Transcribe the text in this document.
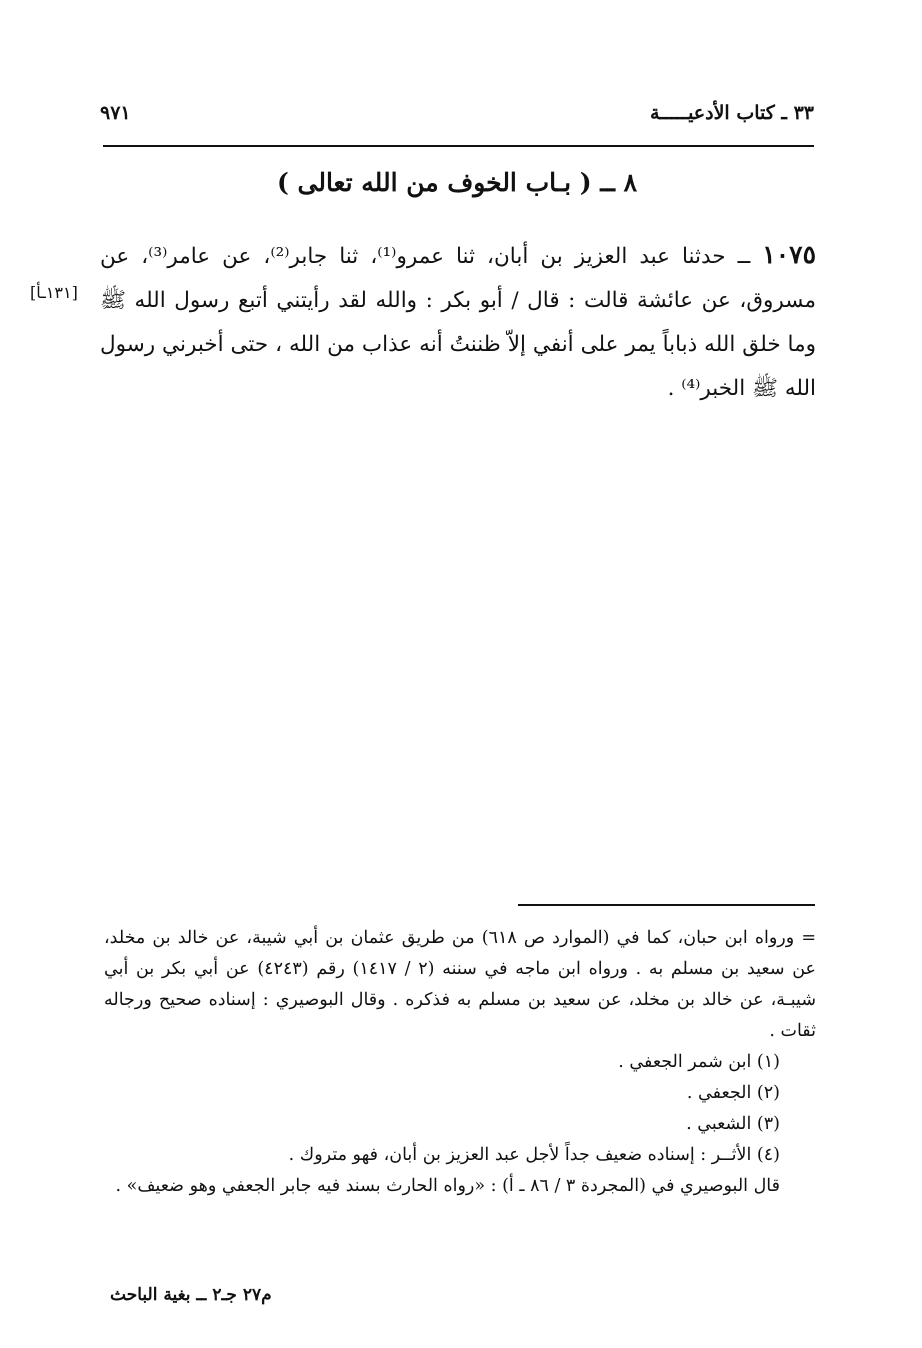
٣٣ ـ كتاب الأدعيـــــة
٩٧١
٨ ــ ( بـاب الخوف من الله تعالى )
[١٣١ـأ]
١٠٧٥ ــ حدثنا عبد العزيز بن أبان، ثنا عمرو⁽¹⁾، ثنا جابر⁽²⁾، عن عامر⁽³⁾، عن مسروق، عن عائشة قالت : قال / أبو بكر : والله لقد رأيتني أتبع رسول الله ﷺ وما خلق الله ذباباً يمر على أنفي إلاّ ظننتُ أنه عذاب من الله ، حتى أخبرني رسول الله ﷺ الخبر⁽⁴⁾ .
= ورواه ابن حبان، كما في (الموارد ص ٦١٨) من طريق عثمان بن أبي شيبة، عن خالد بن مخلد، عن سعيد بن مسلم به . ورواه ابن ماجه في سننه (٢ / ١٤١٧) رقم (٤٢٤٣) عن أبي بكر بن أبي شيبـة، عن خالد بن مخلد، عن سعيد بن مسلم به فذكره . وقال البوصيري : إسناده صحيح ورجاله ثقات .
(١) ابن شمر الجعفي .
(٢) الجعفي .
(٣) الشعبي .
(٤) الأثــر : إسناده ضعيف جداً لأجل عبد العزيز بن أبان، فهو متروك .
قال البوصيري في (المجردة ٣ / ٨٦ ـ أ) : «رواه الحارث بسند فيه جابر الجعفي وهو ضعيف» .
م٢٧ جـ٢ ــ بغية الباحث
